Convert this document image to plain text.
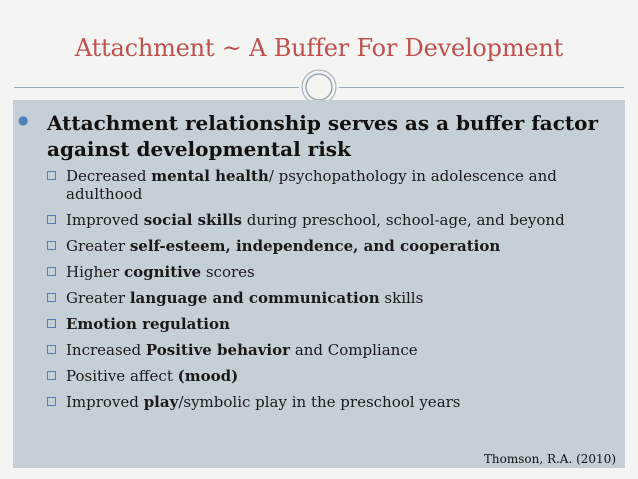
Attachment ~ A Buffer For Development
● Attachment relationship serves as a buffer factor against developmental risk
Decreased mental health/ psychopathology in adolescence and adulthood
Improved social skills during preschool, school-age, and beyond
Greater self-esteem, independence, and cooperation
Higher cognitive scores
Greater language and communication skills
Emotion regulation
Increased Positive behavior and Compliance
Positive affect (mood)
Improved play/symbolic play in the preschool years
Thomson, R.A. (2010)
